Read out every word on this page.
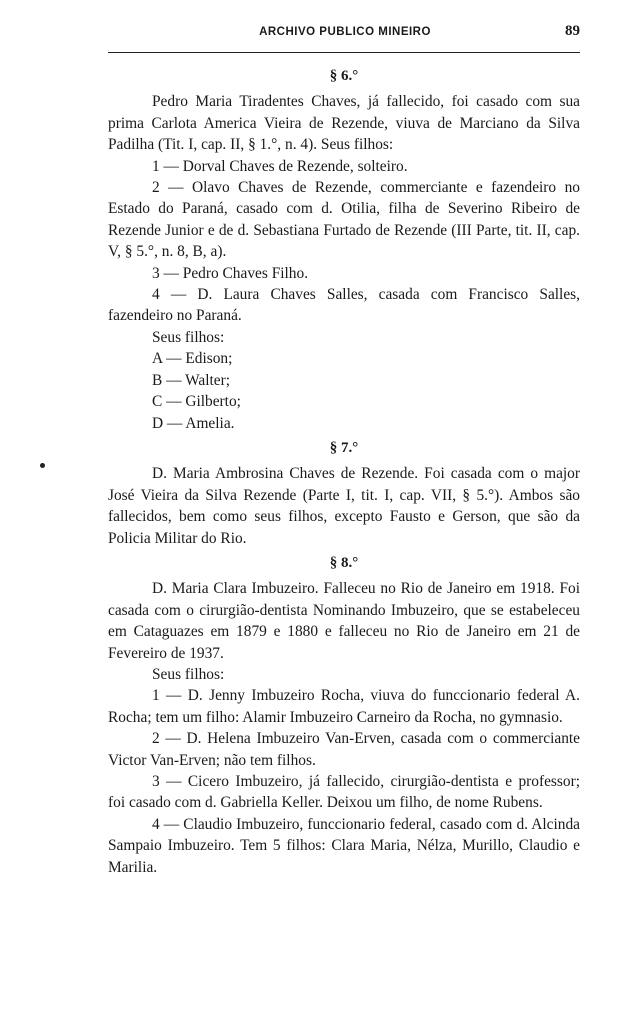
ARCHIVO PUBLICO MINEIRO	89
§ 6.°

Pedro Maria Tiradentes Chaves, já fallecido, foi casado com sua prima Carlota America Vieira de Rezende, viuva de Marciano da Silva Padilha (Tit. I, cap. II, § 1.°, n. 4). Seus filhos:

1 — Dorval Chaves de Rezende, solteiro.

2 — Olavo Chaves de Rezende, commerciante e fazendeiro no Estado do Paraná, casado com d. Otilia, filha de Severino Ribeiro de Rezende Junior e de d. Sebastiana Furtado de Rezende (III Parte, tit. II, cap. V, § 5.°, n. 8, B, a).

3 — Pedro Chaves Filho.

4 — D. Laura Chaves Salles, casada com Francisco Salles, fazendeiro no Paraná.

Seus filhos:

A — Edison;

B — Walter;

C — Gilberto;

D — Amelia.

§ 7.°

D. Maria Ambrosina Chaves de Rezende. Foi casada com o major José Vieira da Silva Rezende (Parte I, tit. I, cap. VII, § 5.°). Ambos são fallecidos, bem como seus filhos, excepto Fausto e Gerson, que são da Policia Militar do Rio.

§ 8.°

D. Maria Clara Imbuzeiro. Falleceu no Rio de Janeiro em 1918. Foi casada com o cirurgião-dentista Nominando Imbuzeiro, que se estabeleceu em Cataguazes em 1879 e 1880 e falleceu no Rio de Janeiro em 21 de Fevereiro de 1937.

Seus filhos:

1 — D. Jenny Imbuzeiro Rocha, viuva do funccionario federal A. Rocha; tem um filho: Alamir Imbuzeiro Carneiro da Rocha, no gymnasio.

2 — D. Helena Imbuzeiro Van-Erven, casada com o commerciante Victor Van-Erven; não tem filhos.

3 — Cicero Imbuzeiro, já fallecido, cirurgião-dentista e professor; foi casado com d. Gabriella Keller. Deixou um filho, de nome Rubens.

4 — Claudio Imbuzeiro, funccionario federal, casado com d. Alcinda Sampaio Imbuzeiro. Tem 5 filhos: Clara Maria, Nélza, Murillo, Claudio e Marilia.
